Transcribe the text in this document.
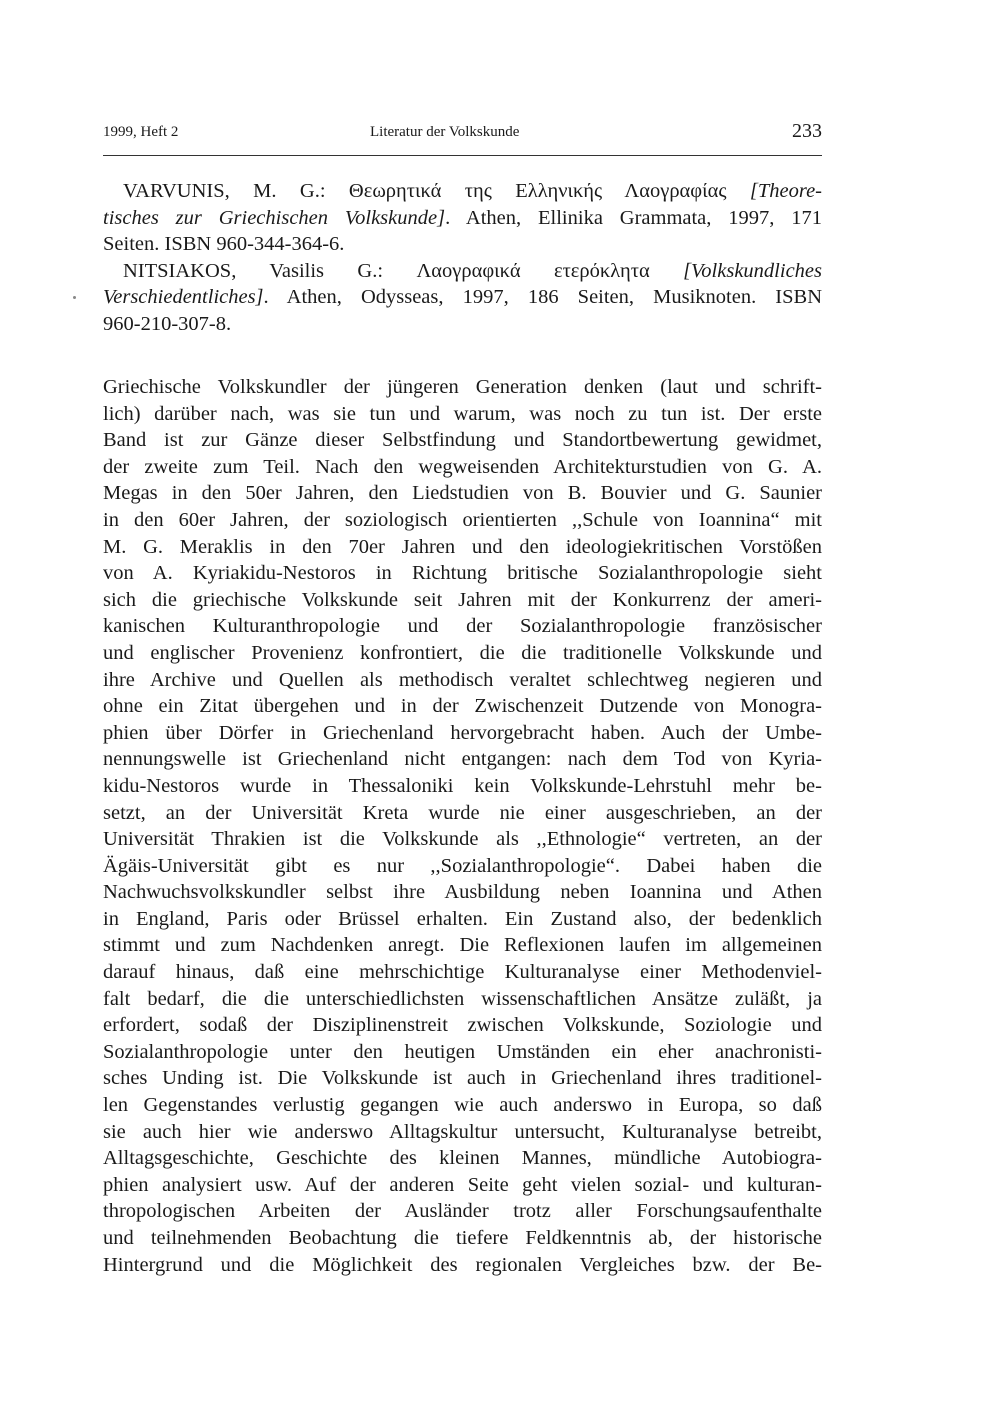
1999, Heft 2	Literatur der Volkskunde	233
VARVUNIS, M. G.: Θεωρητικά της Ελληνικής Λαογραφίας [Theore-
tisches zur Griechischen Volkskunde]. Athen, Ellinika Grammata, 1997, 171
Seiten. ISBN 960-344-364-6.
NITSIAKOS, Vasilis G.: Λαογραφικά ετερόκλητα [Volkskundliches
Verschiedentliches]. Athen, Odysseas, 1997, 186 Seiten, Musiknoten. ISBN
960-210-307-8.
Griechische Volkskundler der jüngeren Generation denken (laut und schrift-
lich) darüber nach, was sie tun und warum, was noch zu tun ist. Der erste
Band ist zur Gänze dieser Selbstfindung und Standortbewertung gewidmet,
der zweite zum Teil. Nach den wegweisenden Architekturstudien von G. A.
Megas in den 50er Jahren, den Liedstudien von B. Bouvier und G. Saunier
in den 60er Jahren, der soziologisch orientierten ,,Schule von Ioannina“ mit
M. G. Meraklis in den 70er Jahren und den ideologiekritischen Vorstößen
von A. Kyriakidu-Nestoros in Richtung britische Sozialanthropologie sieht
sich die griechische Volkskunde seit Jahren mit der Konkurrenz der ameri-
kanischen Kulturanthropologie und der Sozialanthropologie französischer
und englischer Provenienz konfrontiert, die die traditionelle Volkskunde und
ihre Archive und Quellen als methodisch veraltet schlechtweg negieren und
ohne ein Zitat übergehen und in der Zwischenzeit Dutzende von Monogra-
phien über Dörfer in Griechenland hervorgebracht haben. Auch der Umbe-
nennungswelle ist Griechenland nicht entgangen: nach dem Tod von Kyria-
kidu-Nestoros wurde in Thessaloniki kein Volkskunde-Lehrstuhl mehr be-
setzt, an der Universität Kreta wurde nie einer ausgeschrieben, an der
Universität Thrakien ist die Volkskunde als ,,Ethnologie“ vertreten, an der
Ägäis-Universität gibt es nur ,,Sozialanthropologie“. Dabei haben die
Nachwuchsvolkskundler selbst ihre Ausbildung neben Ioannina und Athen
in England, Paris oder Brüssel erhalten. Ein Zustand also, der bedenklich
stimmt und zum Nachdenken anregt. Die Reflexionen laufen im allgemeinen
darauf hinaus, daß eine mehrschichtige Kulturanalyse einer Methodenviel-
falt bedarf, die die unterschiedlichsten wissenschaftlichen Ansätze zuläßt, ja
erfordert, sodaß der Disziplinenstreit zwischen Volkskunde, Soziologie und
Sozialanthropologie unter den heutigen Umständen ein eher anachronisti-
sches Unding ist. Die Volkskunde ist auch in Griechenland ihres traditionel-
len Gegenstandes verlustig gegangen wie auch anderswo in Europa, so daß
sie auch hier wie anderswo Alltagskultur untersucht, Kulturanalyse betreibt,
Alltagsgeschichte, Geschichte des kleinen Mannes, mündliche Autobiogra-
phien analysiert usw. Auf der anderen Seite geht vielen sozial- und kulturan-
thropologischen Arbeiten der Ausländer trotz aller Forschungsaufenthalte
und teilnehmenden Beobachtung die tiefere Feldkenntnis ab, der historische
Hintergrund und die Möglichkeit des regionalen Vergleiches bzw. der Be-
